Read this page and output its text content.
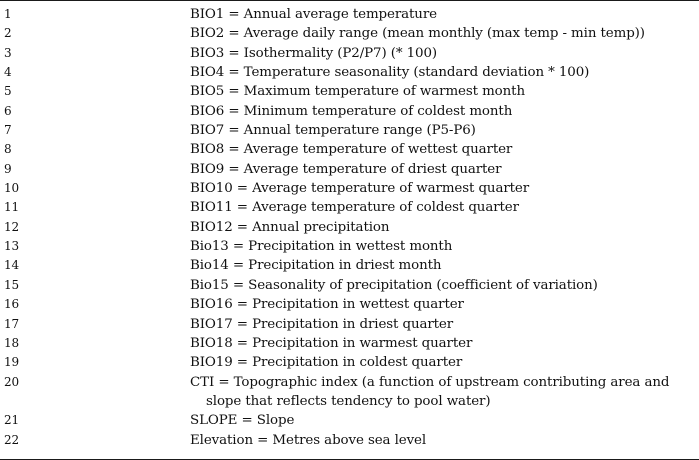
1	BIO1 = Annual average temperature

2	BIO2 = Average daily range (mean monthly (max temp - min temp))

3	BIO3 = Isothermality (P2/P7) (* 100)

4	BIO4 = Temperature seasonality (standard deviation * 100)

5	BIO5 = Maximum temperature of warmest month

6	BIO6 = Minimum temperature of coldest month

7	BIO7 = Annual temperature range (P5-P6)

8	BIO8 = Average temperature of wettest quarter

9	BIO9 = Average temperature of driest quarter

10	BIO10 = Average temperature of warmest quarter

11	BIO11 = Average temperature of coldest quarter

12	BIO12 = Annual precipitation

13	Bio13 = Precipitation in wettest month

14	Bio14 = Precipitation in driest month

15	Bio15 = Seasonality of precipitation (coefficient of variation)

16	BIO16 = Precipitation in wettest quarter

17	BIO17 = Precipitation in driest quarter

18	BIO18 = Precipitation in warmest quarter

19	BIO19 = Precipitation in coldest quarter

20	CTI = Topographic index (a function of upstream contributing area and slope that reflects tendency to pool water)

21	SLOPE = Slope

22	Elevation = Metres above sea level
